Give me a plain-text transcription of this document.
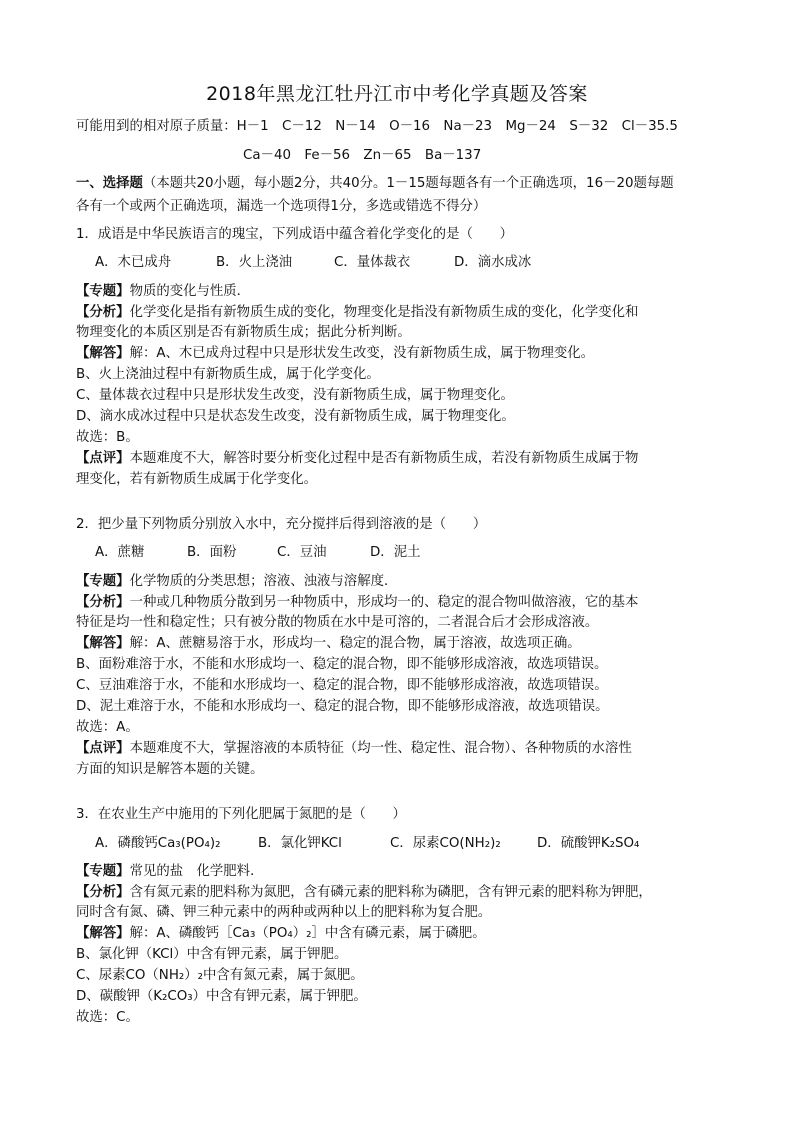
2018年黑龙江牡丹江市中考化学真题及答案
可能用到的相对原子质量：H－1　C－12　N－14　O－16　Na－23　Mg－24　S－32　Cl－35.5
Ca－40　Fe－56　Zn－65　Ba－137
一、选择题（本题共20小题，每小题2分，共40分。1－15题每题各有一个正确选项，16－20题每题
各有一个或两个正确选项，漏选一个选项得1分，多选或错选不得分）
1．成语是中华民族语言的瑰宝，下列成语中蕴含着化学变化的是（　　）
A．木已成舟	B．火上浇油	C．量体裁衣	D．滴水成冰
【专题】物质的变化与性质．
【分析】化学变化是指有新物质生成的变化，物理变化是指没有新物质生成的变化，化学变化和
物理变化的本质区别是否有新物质生成；据此分析判断。
【解答】解：A、木已成舟过程中只是形状发生改变，没有新物质生成，属于物理变化。
B、火上浇油过程中有新物质生成，属于化学变化。
C、量体裁衣过程中只是形状发生改变，没有新物质生成，属于物理变化。
D、滴水成冰过程中只是状态发生改变，没有新物质生成，属于物理变化。
故选：B。
【点评】本题难度不大，解答时要分析变化过程中是否有新物质生成，若没有新物质生成属于物
理变化，若有新物质生成属于化学变化。
2．把少量下列物质分别放入水中，充分搅拌后得到溶液的是（　　）
A．蔗糖	B．面粉	C．豆油	D．泥土
【专题】化学物质的分类思想；溶液、浊液与溶解度．
【分析】一种或几种物质分散到另一种物质中，形成均一的、稳定的混合物叫做溶液，它的基本
特征是均一性和稳定性；只有被分散的物质在水中是可溶的，二者混合后才会形成溶液。
【解答】解：A、蔗糖易溶于水，形成均一、稳定的混合物，属于溶液，故选项正确。
B、面粉难溶于水，不能和水形成均一、稳定的混合物，即不能够形成溶液，故选项错误。
C、豆油难溶于水，不能和水形成均一、稳定的混合物，即不能够形成溶液，故选项错误。
D、泥土难溶于水，不能和水形成均一、稳定的混合物，即不能够形成溶液，故选项错误。
故选：A。
【点评】本题难度不大，掌握溶液的本质特征（均一性、稳定性、混合物）、各种物质的水溶性
方面的知识是解答本题的关键。
3．在农业生产中施用的下列化肥属于氮肥的是（　　）
A．磷酸钙Ca₃(PO₄)₂	B．氯化钾KCl	C．尿素CO(NH₂)₂	D．硫酸钾K₂SO₄
【专题】常见的盐　化学肥料．
【分析】含有氮元素的肥料称为氮肥，含有磷元素的肥料称为磷肥，含有钾元素的肥料称为钾肥，
同时含有氮、磷、钾三种元素中的两种或两种以上的肥料称为复合肥。
【解答】解：A、磷酸钙［Ca₃（PO₄）₂］中含有磷元素，属于磷肥。
B、氯化钾（KCl）中含有钾元素，属于钾肥。
C、尿素CO（NH₂）₂中含有氮元素，属于氮肥。
D、碳酸钾（K₂CO₃）中含有钾元素，属于钾肥。
故选：C。
